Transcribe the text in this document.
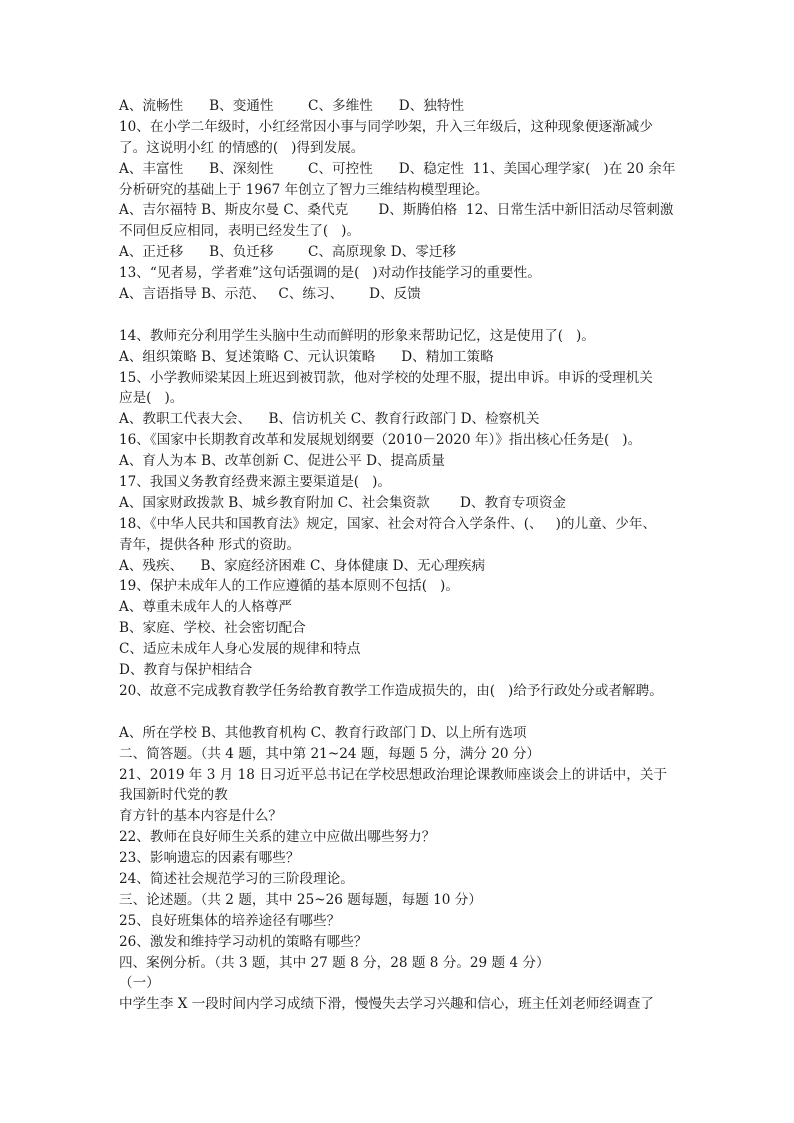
A、流畅性      B、变通性        C、多维性      D、独特性
10、在小学二年级时，小红经常因小事与同学吵架，升入三年级后，这种现象便逐渐减少
了。这说明小红 的情感的(   )得到发展。
A、丰富性      B、深刻性        C、可控性      D、稳定性  11、美国心理学家(   )在 20 余年
分析研究的基础上于 1967 年创立了智力三维结构模型理论。
A、吉尔福特 B、斯皮尔曼 C、桑代克       D、斯腾伯格  12、日常生活中新旧活动尽管刺激
不同但反应相同，表明已经发生了(   )。
A、正迁移      B、负迁移        C、高原现象 D、零迁移
13、“见者易，学者难”这句话强调的是(   )对动作技能学习的重要性。
A、言语指导 B、示范、   C、练习、      D、反馈
14、教师充分利用学生头脑中生动而鲜明的形象来帮助记忆，这是使用了(   )。
A、组织策略 B、复述策略 C、元认识策略      D、精加工策略
15、小学教师梁某因上班迟到被罚款，他对学校的处理不服，提出申诉。申诉的受理机关
应是(   )。
A、教职工代表大会、    B、信访机关 C、教育行政部门 D、检察机关
16、《国家中长期教育改革和发展规划纲要（2010－2020 年）》指出核心任务是(   )。
A、育人为本 B、改革创新 C、促进公平 D、提高质量
17、我国义务教育经费来源主要渠道是(   )。
A、国家财政拨款 B、城乡教育附加 C、社会集资款       D、教育专项资金
18、《中华人民共和国教育法》规定，国家、社会对符合入学条件、(、   )的儿童、少年、
青年，提供各种 形式的资助。
A、残疾、    B、家庭经济困难 C、身体健康 D、无心理疾病
19、保护未成年人的工作应遵循的基本原则不包括(   )。
A、尊重未成年人的人格尊严
B、家庭、学校、社会密切配合
C、适应未成年人身心发展的规律和特点
D、教育与保护相结合
20、故意不完成教育教学任务给教育教学工作造成损失的，由(   )给予行政处分或者解聘。
A、所在学校 B、其他教育机构 C、教育行政部门 D、以上所有选项
二、简答题。（共 4 题，其中第 21~24 题，每题 5 分，满分 20 分）
21、2019 年 3 月 18 日习近平总书记在学校思想政治理论课教师座谈会上的讲话中，关于
我国新时代党的教
育方针的基本内容是什么？
22、教师在良好师生关系的建立中应做出哪些努力？
23、影响遗忘的因素有哪些？
24、简述社会规范学习的三阶段理论。
三、论述题。（共 2 题，其中 25~26 题每题，每题 10 分）
25、良好班集体的培养途径有哪些？
26、激发和维持学习动机的策略有哪些？
四、案例分析。（共 3 题，其中 27 题 8 分，28 题 8 分。29 题 4 分）
（一）
中学生李 X 一段时间内学习成绩下滑，慢慢失去学习兴趣和信心，班主任刘老师经调查了
